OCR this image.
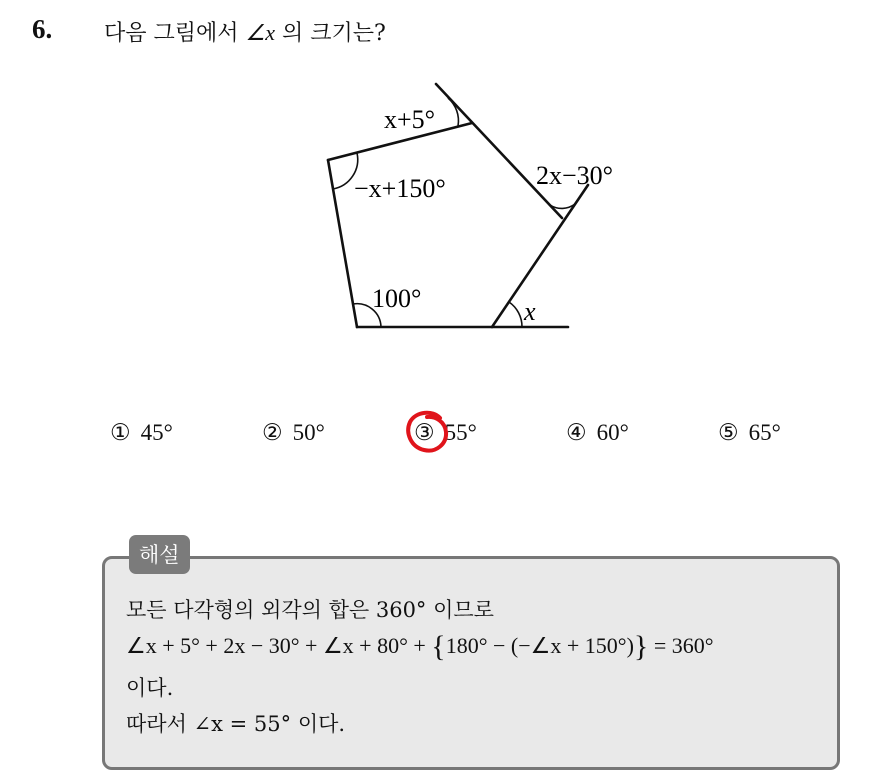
6. 다음 그림에서 ∠x 의 크기는?
x+5°
−x+150°	2x−30°
100°	x
① 45°	② 50°	③ 55°	④ 60°	⑤ 65°
해설
모든 다각형의 외각의 합은 360° 이므로
∠x + 5° + 2x − 30° + ∠x + 80° + {180° − (−∠x + 150°)} = 360°
이다.
따라서 ∠x = 55° 이다.
